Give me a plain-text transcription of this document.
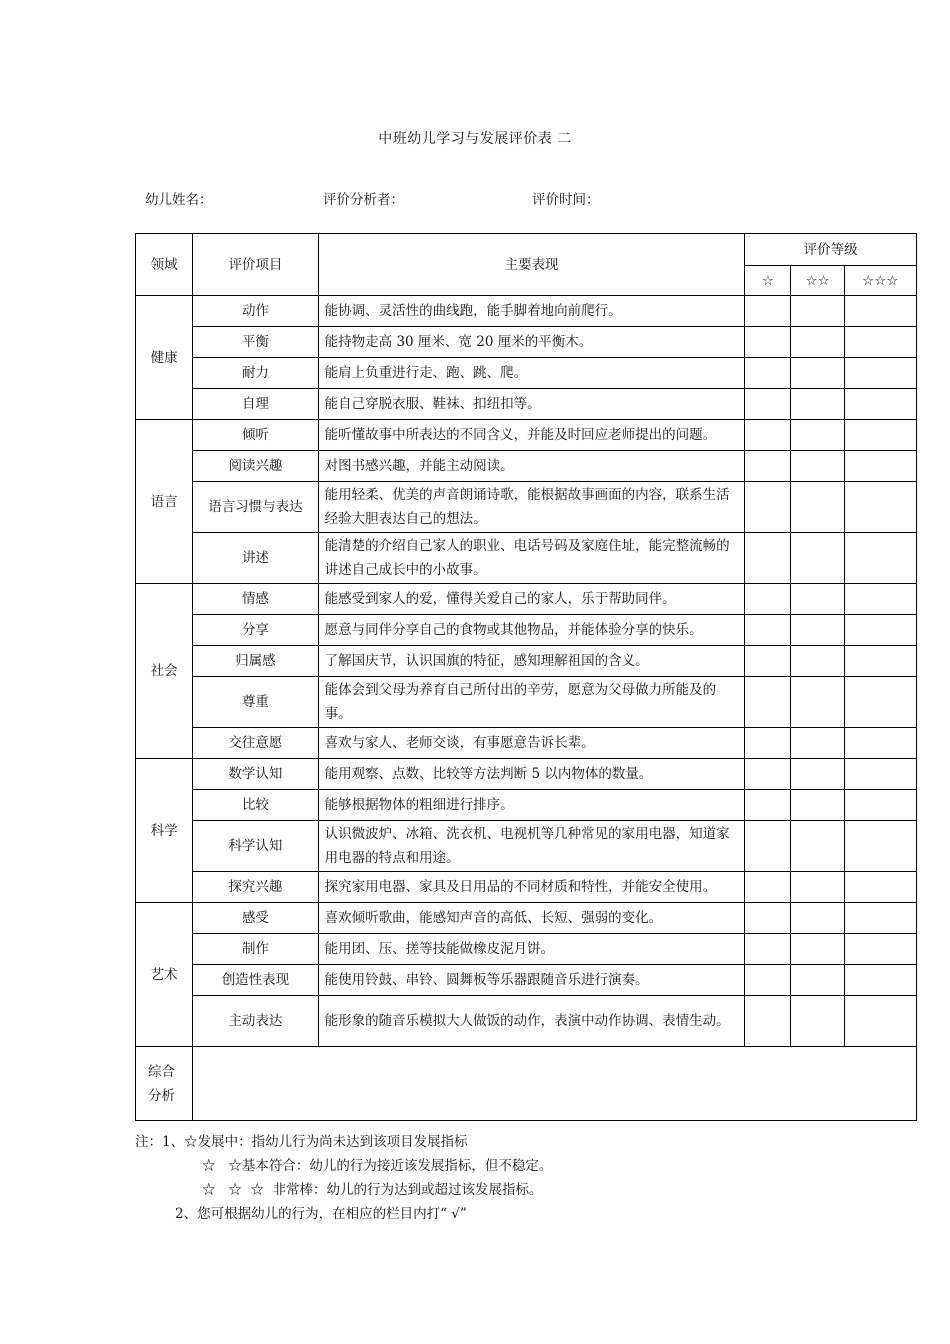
中班幼儿学习与发展评价表 二
幼儿姓名：	评价分析者：	评价时间：
领域	评价项目	主要表现	评价等级		
			☆	☆☆	☆☆☆
健康	动作	能协调、灵活性的曲线跑，能手脚着地向前爬行。			
	平衡	能持物走高 30 厘米、宽 20 厘米的平衡木。			
	耐力	能肩上负重进行走、跑、跳、爬。			
	自理	能自己穿脱衣服、鞋袜、扣纽扣等。			
语言	倾听	能听懂故事中所表达的不同含义，并能及时回应老师提出的问题。			
	阅读兴趣	对图书感兴趣，并能主动阅读。			
	语言习惯与表达	能用轻柔、优美的声音朗诵诗歌，能根据故事画面的内容，联系生活经验大胆表达自己的想法。			
	讲述	能清楚的介绍自己家人的职业、电话号码及家庭住址，能完整流畅的讲述自己成长中的小故事。			
社会	情感	能感受到家人的爱，懂得关爱自己的家人，乐于帮助同伴。			
	分享	愿意与同伴分享自己的食物或其他物品，并能体验分享的快乐。			
	归属感	了解国庆节，认识国旗的特征，感知理解祖国的含义。			
	尊重	能体会到父母为养育自己所付出的辛劳，愿意为父母做力所能及的事。			
	交往意愿	喜欢与家人、老师交谈，有事愿意告诉长辈。			
科学	数学认知	能用观察、点数、比较等方法判断 5 以内物体的数量。			
	比较	能够根据物体的粗细进行排序。			
	科学认知	认识微波炉、冰箱、洗衣机、电视机等几种常见的家用电器，知道家用电器的特点和用途。			
	探究兴趣	探究家用电器、家具及日用品的不同材质和特性，并能安全使用。			
艺术	感受	喜欢倾听歌曲，能感知声音的高低、长短、强弱的变化。			
	制作	能用团、压、搓等技能做橡皮泥月饼。			
	创造性表现	能使用铃鼓、串铃、圆舞板等乐器跟随音乐进行演奏。			
	主动表达	能形象的随音乐模拟大人做饭的动作，表演中动作协调、表情生动。			

综合
分析					

注：1、☆发展中：指幼儿行为尚未达到该项目发展指标
☆   ☆基本符合：幼儿的行为接近该发展指标，但不稳定。
☆   ☆  ☆  非常棒：幼儿的行为达到或超过该发展指标。
2、您可根据幼儿的行为，在相应的栏目内打“ √”
